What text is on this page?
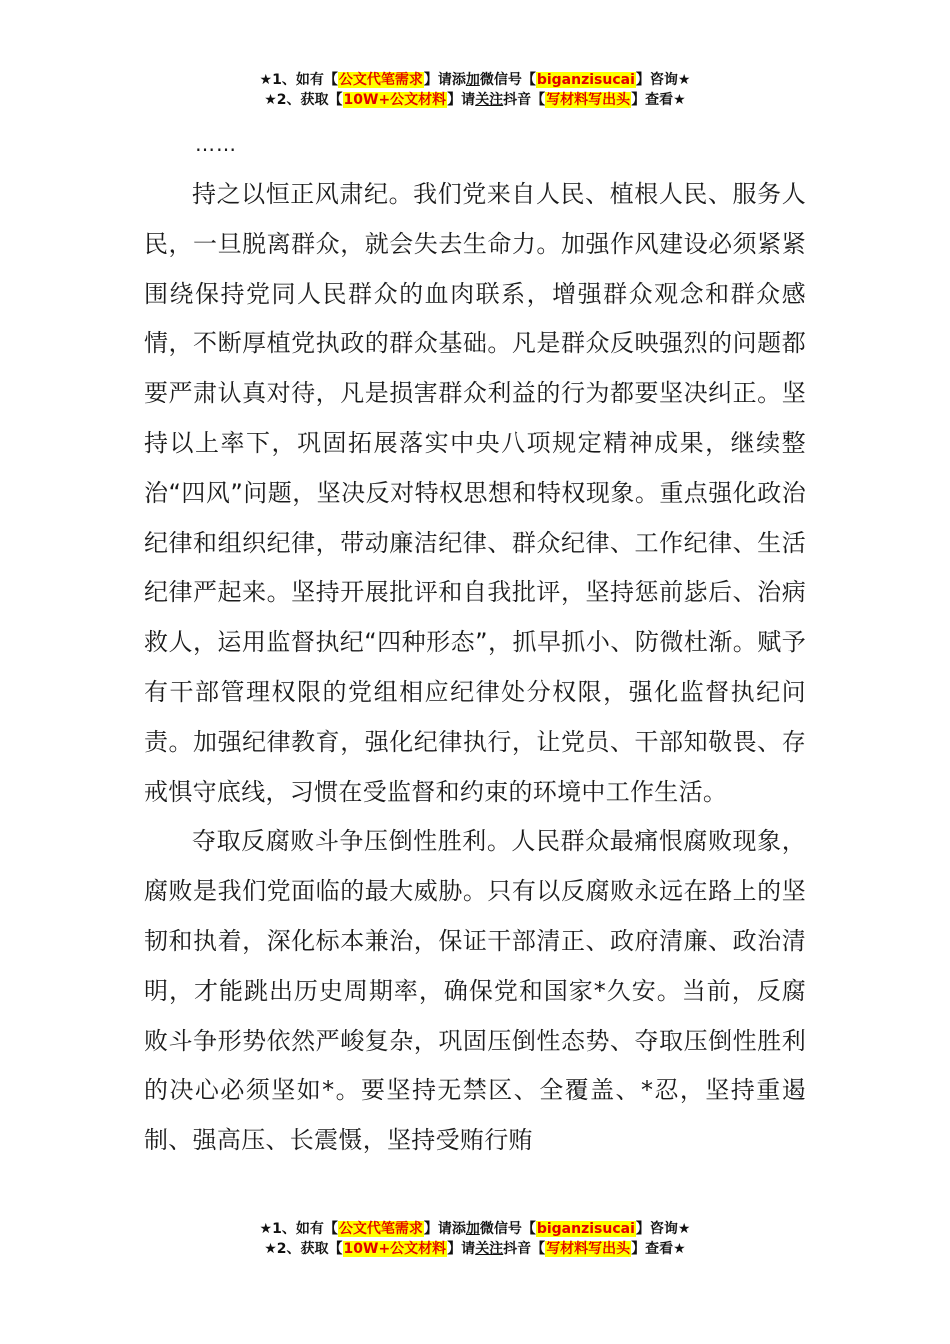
★1、如有【公文代笔需求】请添加微信号【biganzisucai】咨询★
★2、获取【10W+公文材料】请关注抖音【写材料写出头】查看★
……

持之以恒正风肃纪。我们党来自人民、植根人民、服务人民，一旦脱离群众，就会失去生命力。加强作风建设必须紧紧围绕保持党同人民群众的血肉联系，增强群众观念和群众感情，不断厚植党执政的群众基础。凡是群众反映强烈的问题都要严肃认真对待，凡是损害群众利益的行为都要坚决纠正。坚持以上率下，巩固拓展落实中央八项规定精神成果，继续整治“四风”问题，坚决反对特权思想和特权现象。重点强化政治纪律和组织纪律，带动廉洁纪律、群众纪律、工作纪律、生活纪律严起来。坚持开展批评和自我批评，坚持惩前毖后、治病救人，运用监督执纪“四种形态”，抓早抓小、防微杜渐。赋予有干部管理权限的党组相应纪律处分权限，强化监督执纪问责。加强纪律教育，强化纪律执行，让党员、干部知敬畏、存戒惧守底线，习惯在受监督和约束的环境中工作生活。

夺取反腐败斗争压倒性胜利。人民群众最痛恨腐败现象，腐败是我们党面临的最大威胁。只有以反腐败永远在路上的坚韧和执着，深化标本兼治，保证干部清正、政府清廉、政治清明，才能跳出历史周期率，确保党和国家*久安。当前，反腐败斗争形势依然严峻复杂，巩固压倒性态势、夺取压倒性胜利的决心必须坚如*。要坚持无禁区、全覆盖、*忍，坚持重遏制、强高压、长震慑，坚持受贿行贿

★1、如有【公文代笔需求】请添加微信号【biganzisucai】咨询★
★2、获取【10W+公文材料】请关注抖音【写材料写出头】查看★
